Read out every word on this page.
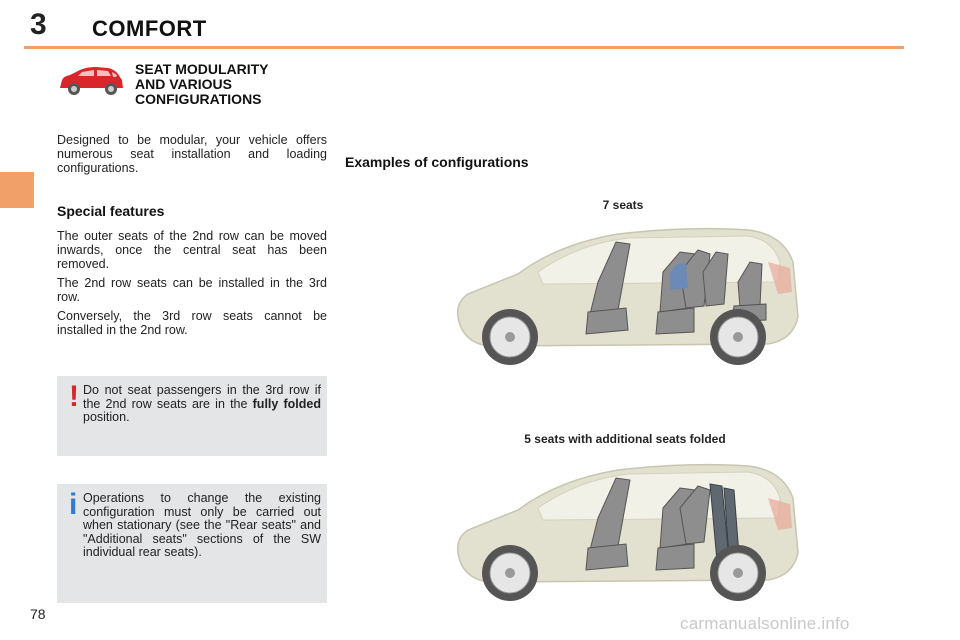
3 COMFORT
SEAT MODULARITY
AND VARIOUS
CONFIGURATIONS
Designed to be modular, your vehicle offers numerous seat installation and loading configurations.
Special features

The outer seats of the 2nd row can be moved inwards, once the central seat has been removed.

The 2nd row seats can be installed in the 3rd row.

Conversely, the 3rd row seats cannot be installed in the 2nd row.

! Do not seat passengers in the 3rd row if the 2nd row seats are in the fully folded position.
i Operations to change the existing configuration must only be carried out when stationary (see the "Rear seats" and "Additional seats" sections of the SW individual rear seats).
Examples of configurations
7 seats
5 seats with additional seats folded
78	carmanualsonline.info
